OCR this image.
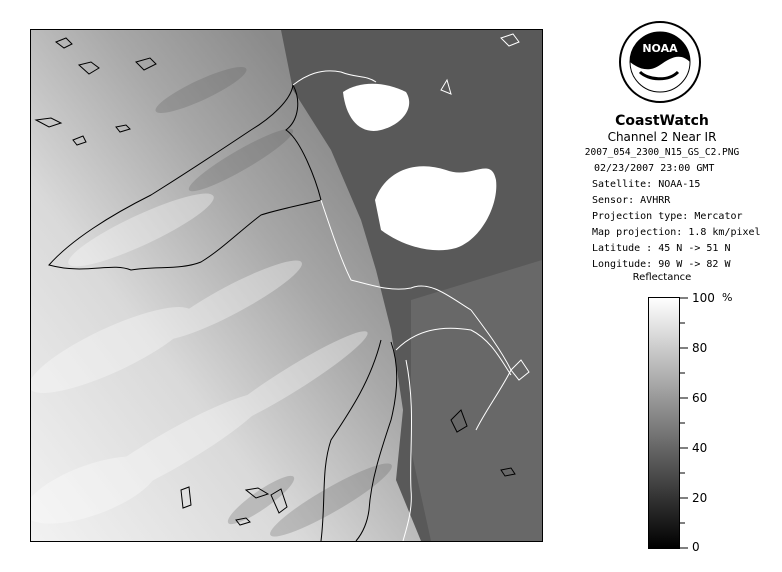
NOAA
CoastWatch
Channel 2 Near IR
2007_054_2300_N15_GS_C2.PNG
02/23/2007 23:00 GMT
Satellite: NOAA-15
Sensor: AVHRR
Projection type: Mercator
Map projection: 1.8 km/pixel
Latitude : 45 N -> 51 N
Longitude: 90 W -> 82 W
Reflectance
100
80
60
40
20
0
%
